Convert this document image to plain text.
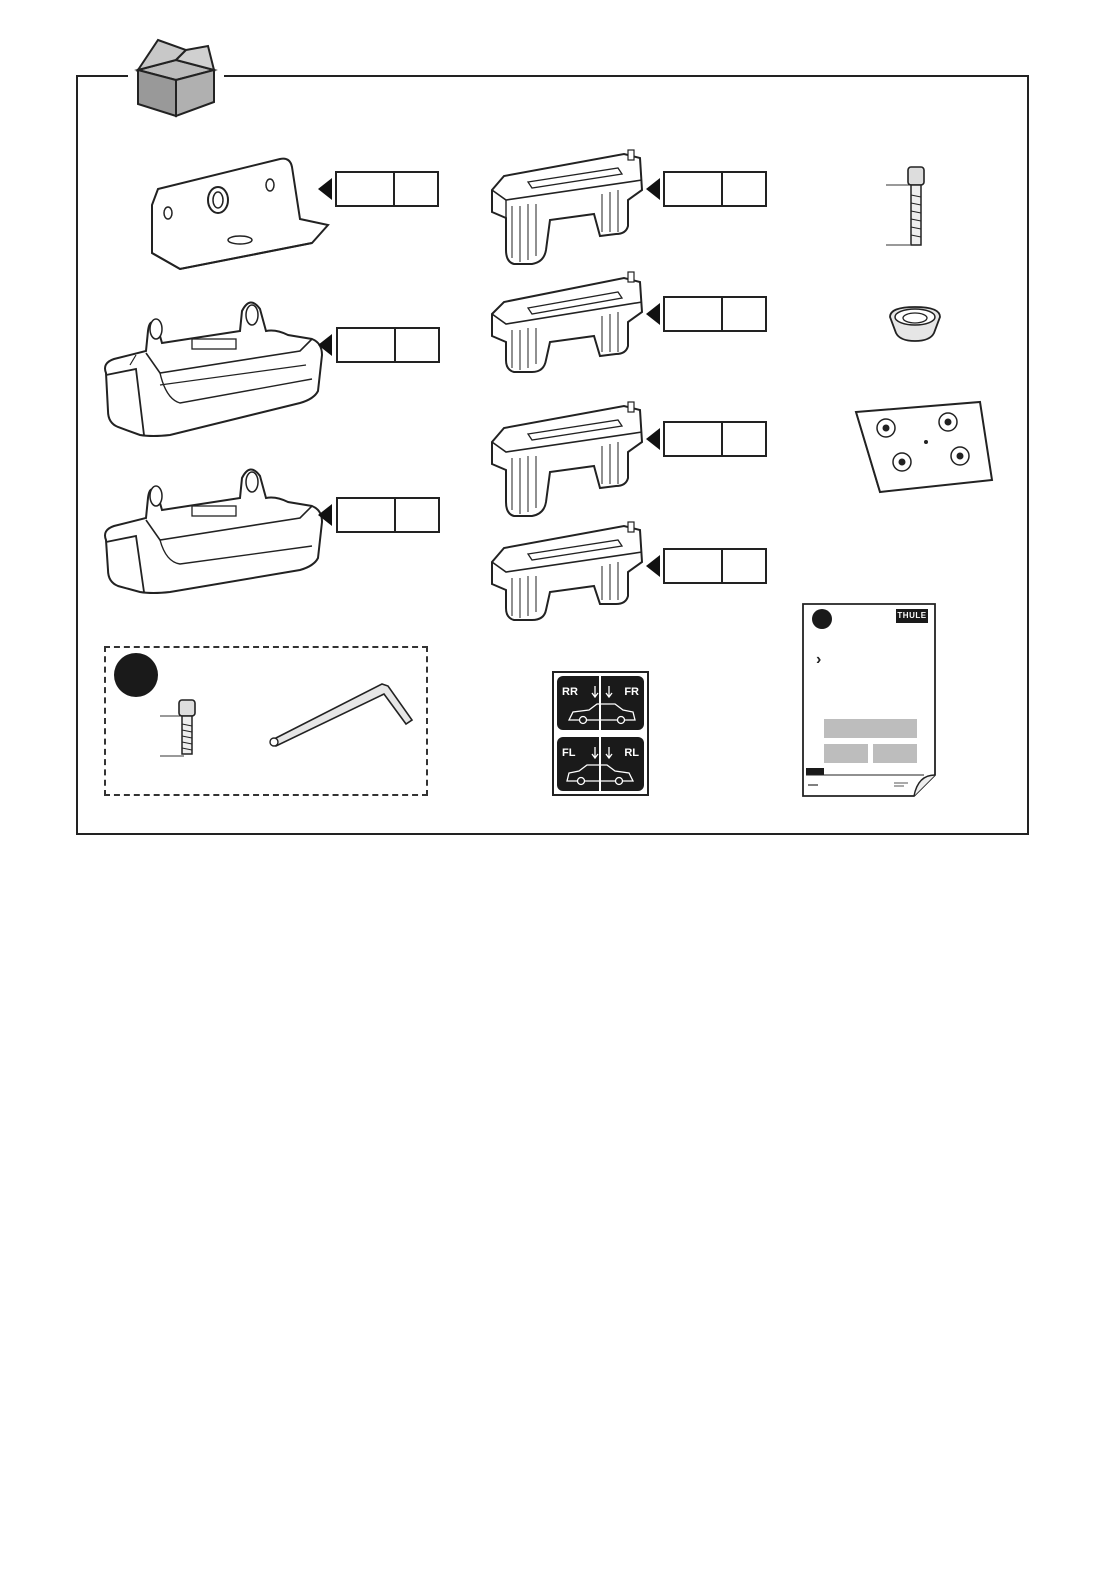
RR	FR
FL	RL
THULE
›
